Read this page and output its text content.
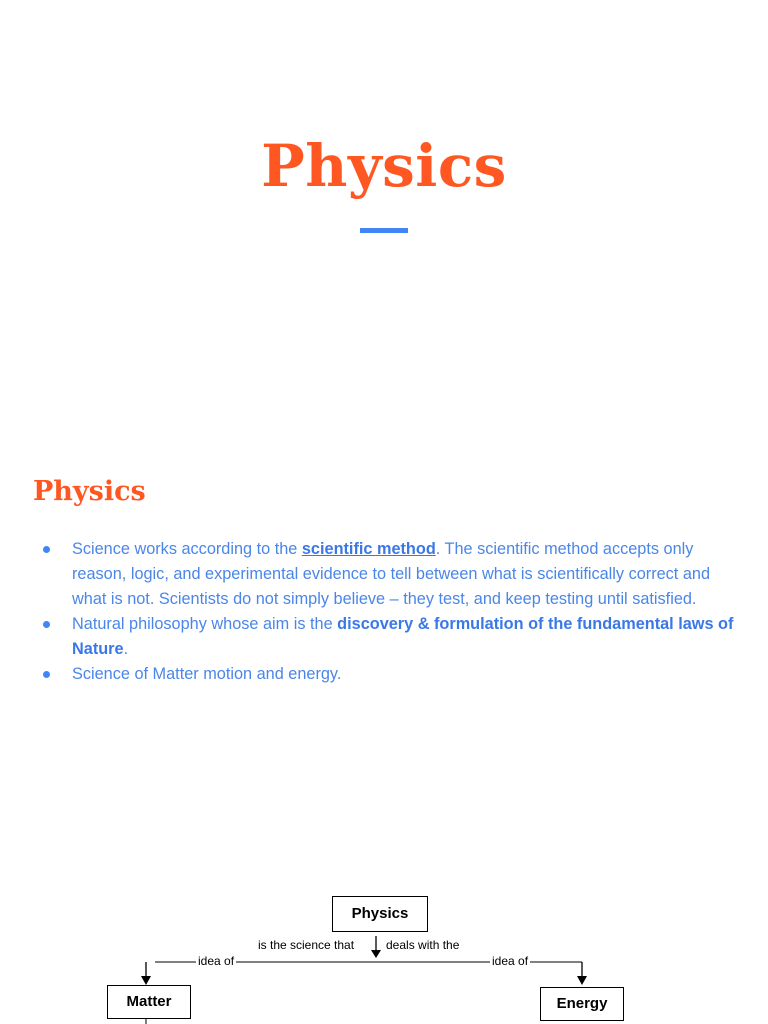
Physics
Physics
Science works according to the scientific method. The scientific method accepts only reason, logic, and experimental evidence to tell between what is scientifically correct and what is not. Scientists do not simply believe – they test, and keep testing until satisfied.
Natural philosophy whose aim is the discovery & formulation of the fundamental laws of Nature.
Science of Matter motion and energy.
Physics
is the science that	deals with the
idea of	idea of
Matter	Energy
